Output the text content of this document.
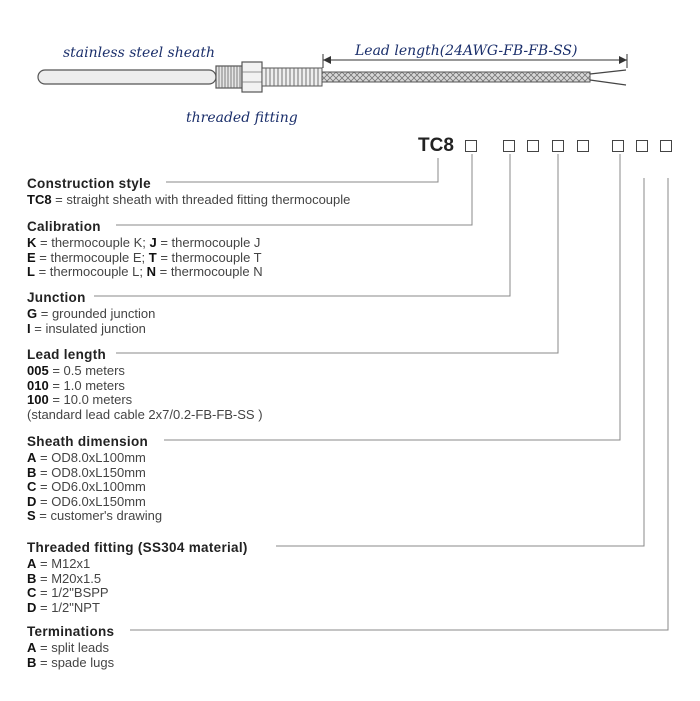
stainless steel sheath	Lead length(24AWG-FB-FB-SS)
threaded fitting
TC8
Construction style
TC8 = straight sheath with threaded fitting thermocouple
Calibration
K = thermocouple K; J = thermocouple J
E = thermocouple E; T = thermocouple T
L = thermocouple L; N = thermocouple N
Junction
G = grounded junction
I = insulated junction
Lead length
005 = 0.5 meters
010 = 1.0 meters
100 = 10.0 meters
(standard lead cable 2x7/0.2-FB-FB-SS )
Sheath dimension
A = OD8.0xL100mm
B = OD8.0xL150mm
C = OD6.0xL100mm
D = OD6.0xL150mm
S = customer's drawing
Threaded fitting (SS304 material)
A = M12x1
B = M20x1.5
C = 1/2"BSPP
D = 1/2"NPT
Terminations
A = split leads
B = spade lugs
